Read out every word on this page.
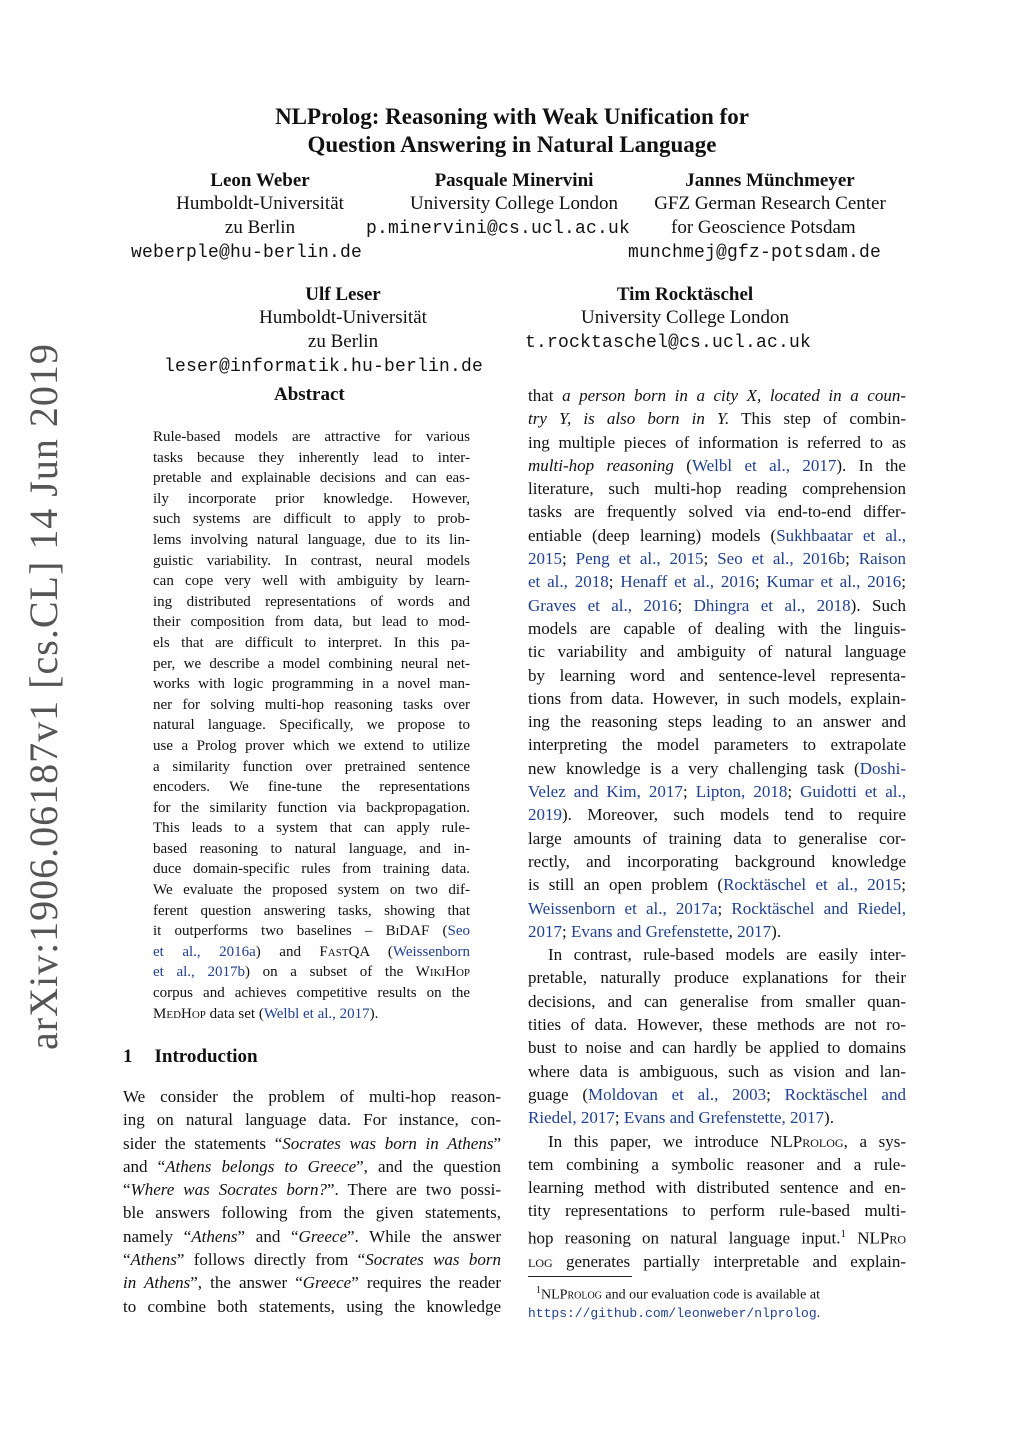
arXiv:1906.06187v1 [cs.CL] 14 Jun 2019
NLProlog: Reasoning with Weak Unification for
Question Answering in Natural Language
Leon Weber
Humboldt-Universität
zu Berlin
weberple@hu-berlin.de
Pasquale Minervini
University College London
p.minervini@cs.ucl.ac.uk
Jannes Münchmeyer
GFZ German Research Center
for Geoscience Potsdam
munchmej@gfz-potsdam.de
Ulf Leser
Humboldt-Universität
zu Berlin
leser@informatik.hu-berlin.de
Tim Rocktäschel
University College London
t.rocktaschel@cs.ucl.ac.uk
Abstract
Rule-based models are attractive for various
tasks because they inherently lead to inter-
pretable and explainable decisions and can eas-
ily incorporate prior knowledge. However,
such systems are difficult to apply to prob-
lems involving natural language, due to its lin-
guistic variability. In contrast, neural models
can cope very well with ambiguity by learn-
ing distributed representations of words and
their composition from data, but lead to mod-
els that are difficult to interpret. In this pa-
per, we describe a model combining neural net-
works with logic programming in a novel man-
ner for solving multi-hop reasoning tasks over
natural language. Specifically, we propose to
use a Prolog prover which we extend to utilize
a similarity function over pretrained sentence
encoders. We fine-tune the representations
for the similarity function via backpropagation.
This leads to a system that can apply rule-
based reasoning to natural language, and in-
duce domain-specific rules from training data.
We evaluate the proposed system on two dif-
ferent question answering tasks, showing that
it outperforms two baselines – BiDAF (Seo
et al., 2016a) and FastQA (Weissenborn
et al., 2017b) on a subset of the WikiHop
corpus and achieves competitive results on the
MedHop data set (Welbl et al., 2017).
1 Introduction
We consider the problem of multi-hop reason-
ing on natural language data. For instance, con-
sider the statements “Socrates was born in Athens”
and “Athens belongs to Greece”, and the question
“Where was Socrates born?”. There are two possi-
ble answers following from the given statements,
namely “Athens” and “Greece”. While the answer
“Athens” follows directly from “Socrates was born
in Athens”, the answer “Greece” requires the reader
to combine both statements, using the knowledge
that a person born in a city X, located in a coun-
try Y, is also born in Y. This step of combin-
ing multiple pieces of information is referred to as
multi-hop reasoning (Welbl et al., 2017). In the
literature, such multi-hop reading comprehension
tasks are frequently solved via end-to-end differ-
entiable (deep learning) models (Sukhbaatar et al.,
2015; Peng et al., 2015; Seo et al., 2016b; Raison
et al., 2018; Henaff et al., 2016; Kumar et al., 2016;
Graves et al., 2016; Dhingra et al., 2018). Such
models are capable of dealing with the linguis-
tic variability and ambiguity of natural language
by learning word and sentence-level representa-
tions from data. However, in such models, explain-
ing the reasoning steps leading to an answer and
interpreting the model parameters to extrapolate
new knowledge is a very challenging task (Doshi-
Velez and Kim, 2017; Lipton, 2018; Guidotti et al.,
2019). Moreover, such models tend to require
large amounts of training data to generalise cor-
rectly, and incorporating background knowledge
is still an open problem (Rocktäschel et al., 2015;
Weissenborn et al., 2017a; Rocktäschel and Riedel,
2017; Evans and Grefenstette, 2017).
In contrast, rule-based models are easily inter-
pretable, naturally produce explanations for their
decisions, and can generalise from smaller quan-
tities of data. However, these methods are not ro-
bust to noise and can hardly be applied to domains
where data is ambiguous, such as vision and lan-
guage (Moldovan et al., 2003; Rocktäschel and
Riedel, 2017; Evans and Grefenstette, 2017).
In this paper, we introduce NLProlog, a sys-
tem combining a symbolic reasoner and a rule-
learning method with distributed sentence and en-
tity representations to perform rule-based multi-
hop reasoning on natural language input.$^1$ NLPro
log generates partially interpretable and explain-
$^1$NLProlog and our evaluation code is available at
https://github.com/leonweber/nlprolog.
